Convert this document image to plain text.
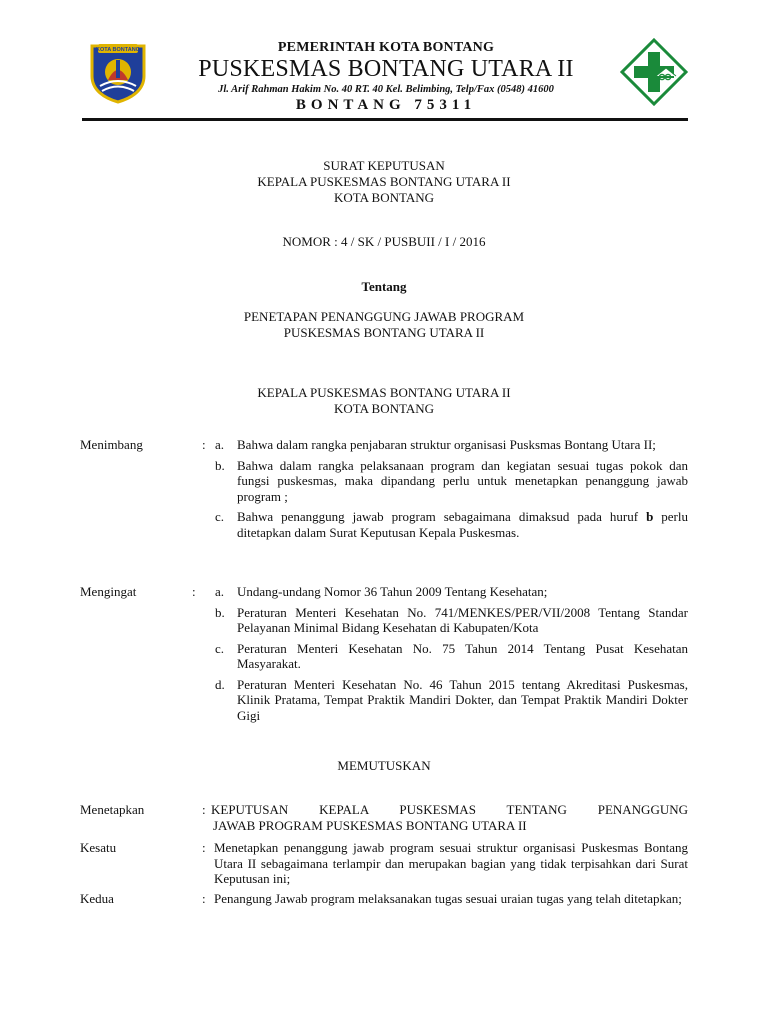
KOTA BONTANG	PEMERINTAH KOTA BONTANG
PUSKESMAS BONTANG UTARA II
Jl. Arif Rahman Hakim No. 40 RT. 40 Kel. Belimbing, Telp/Fax (0548) 41600
BONTANG 75311
SURAT KEPUTUSAN
KEPALA PUSKESMAS BONTANG UTARA II
KOTA BONTANG
NOMOR : 4 / SK / PUSBUII / I / 2016
Tentang
PENETAPAN PENANGGUNG JAWAB PROGRAM
PUSKESMAS BONTANG UTARA II
KEPALA PUSKESMAS BONTANG UTARA II
KOTA BONTANG
Menimbang	: a. Bahwa dalam rangka penjabaran struktur organisasi Pusksmas Bontang Utara II;
b. Bahwa dalam rangka pelaksanaan program dan kegiatan sesuai tugas pokok dan fungsi puskesmas, maka dipandang perlu untuk menetapkan penanggung jawab program ;
c. Bahwa penanggung jawab program sebagaimana dimaksud pada huruf b perlu ditetapkan dalam Surat Keputusan Kepala Puskesmas.
Mengingat	: a. Undang-undang Nomor 36 Tahun 2009 Tentang Kesehatan;
b. Peraturan Menteri Kesehatan No. 741/MENKES/PER/VII/2008 Tentang Standar Pelayanan Minimal Bidang Kesehatan di Kabupaten/Kota
c. Peraturan Menteri Kesehatan No. 75 Tahun 2014 Tentang Pusat Kesehatan Masyarakat.
d. Peraturan Menteri Kesehatan No. 46 Tahun 2015 tentang Akreditasi Puskesmas, Klinik Pratama, Tempat Praktik Mandiri Dokter, dan Tempat Praktik Mandiri Dokter Gigi
MEMUTUSKAN
Menetapkan	: KEPUTUSAN KEPALA PUSKESMAS TENTANG PENANGGUNG
JAWAB PROGRAM PUSKESMAS BONTANG UTARA II
Kesatu	: Menetapkan penanggung jawab program sesuai struktur organisasi Puskesmas Bontang Utara II sebagaimana terlampir dan merupakan bagian yang tidak terpisahkan dari Surat Keputusan ini;
Kedua	: Penangung Jawab program melaksanakan tugas sesuai uraian tugas yang telah ditetapkan;
